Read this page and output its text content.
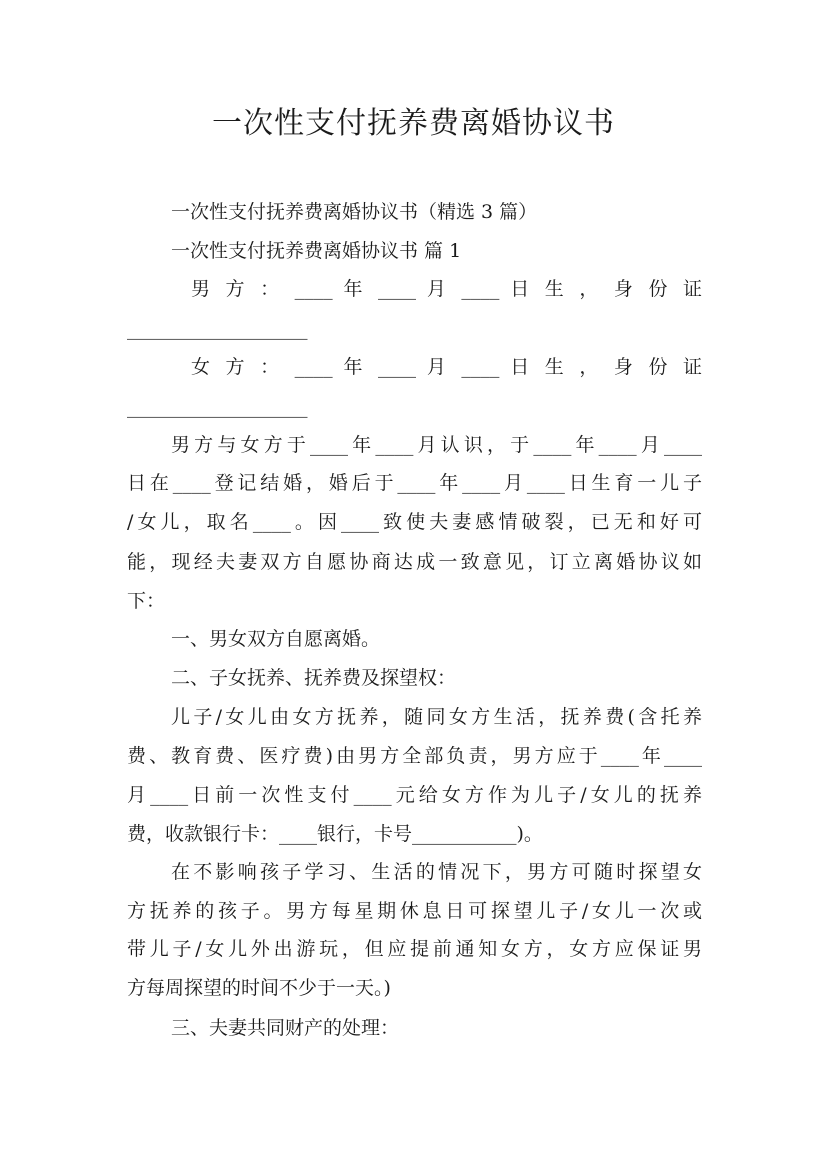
一次性支付抚养费离婚协议书
一次性支付抚养费离婚协议书（精选 3 篇）
一次性支付抚养费离婚协议书 篇 1
男 方 ： ____ 年 ____ 月 ____ 日 生 ， 身 份 证
___________________
女 方 ： ____ 年 ____ 月 ____ 日 生 ， 身 份 证
___________________
男方与女方于____年____月认识，于____年____月____
日在____登记结婚，婚后于____年____月____日生育一儿子
/女儿，取名____。因____致使夫妻感情破裂，已无和好可
能，现经夫妻双方自愿协商达成一致意见，订立离婚协议如
下：
一、男女双方自愿离婚。
二、子女抚养、抚养费及探望权：
儿子/女儿由女方抚养，随同女方生活，抚养费(含托养
费、教育费、医疗费)由男方全部负责，男方应于____年____
月____日前一次性支付____元给女方作为儿子/女儿的抚养
费，收款银行卡：____银行，卡号___________)。
在不影响孩子学习、生活的情况下，男方可随时探望女
方抚养的孩子。男方每星期休息日可探望儿子/女儿一次或
带儿子/女儿外出游玩，但应提前通知女方，女方应保证男
方每周探望的时间不少于一天。)
三、夫妻共同财产的处理：
